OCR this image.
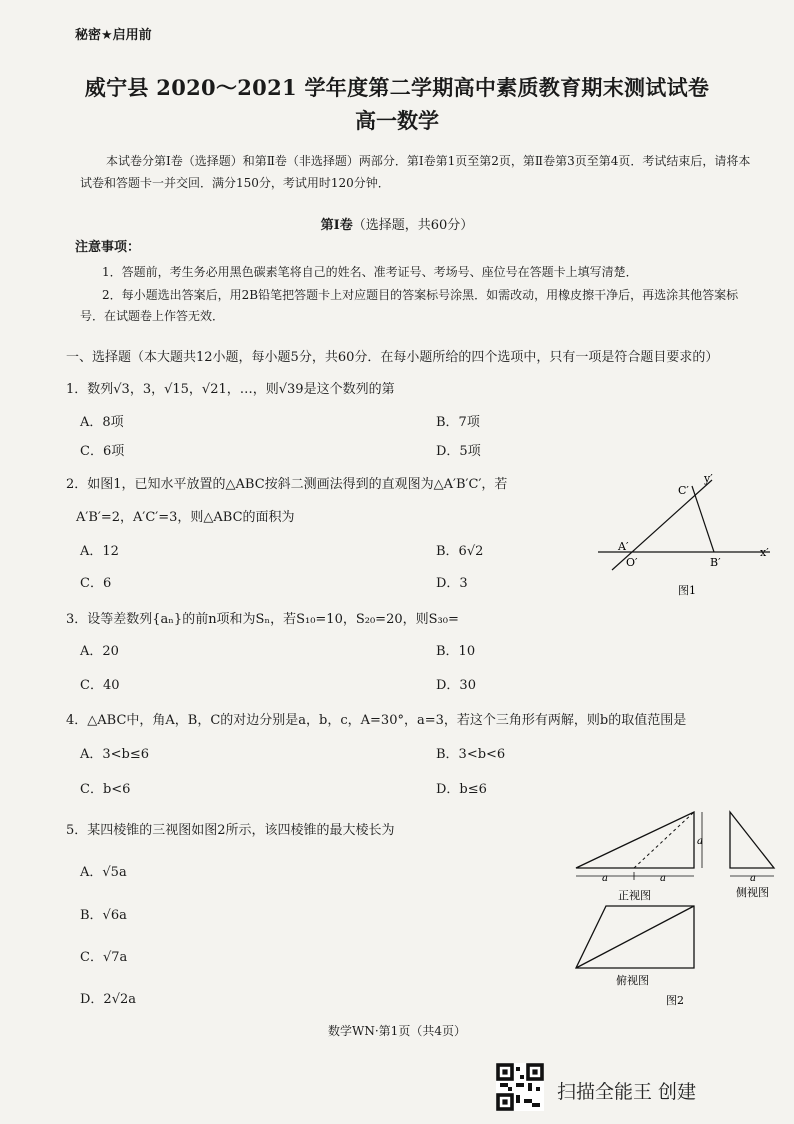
秘密★启用前
威宁县 2020～2021 学年度第二学期高中素质教育期末测试试卷
高一数学
本试卷分第Ⅰ卷（选择题）和第Ⅱ卷（非选择题）两部分．第Ⅰ卷第1页至第2页，第Ⅱ卷第3页至第4页．考试结束后，请将本试卷和答题卡一并交回．满分150分，考试用时120分钟．
第Ⅰ卷（选择题，共60分）
注意事项：
1．答题前，考生务必用黑色碳素笔将自己的姓名、准考证号、考场号、座位号在答题卡上填写清楚．
2．每小题选出答案后，用2B铅笔把答题卡上对应题目的答案标号涂黑．如需改动，用橡皮擦干净后，再选涂其他答案标号．在试题卷上作答无效．
一、选择题（本大题共12小题，每小题5分，共60分．在每小题所给的四个选项中，只有一项是符合题目要求的）
1．数列√3，3，√15，√21，…，则√39是这个数列的第
A．8项	B．7项
C．6项	D．5项
2．如图1，已知水平放置的△ABC按斜二测画法得到的直观图为△A′B′C′，若
A′B′=2，A′C′=3，则△ABC的面积为
A．12	B．6√2
C．6	D．3
C′
y′
A′
O′	B′
x′
图1
3．设等差数列{aₙ}的前n项和为Sₙ，若S₁₀=10，S₂₀=20，则S₃₀=
A．20	B．10
C．40	D．30
4．△ABC中，角A，B，C的对边分别是a，b，c，A=30°，a=3，若这个三角形有两解，则b的取值范围是
A．3<b≤6	B．3<b<6
C．b<6	D．b≤6
5．某四棱锥的三视图如图2所示，该四棱锥的最大棱长为
A．√5a
B．√6a
C．√7a
D．2√2a
a
a	a
正视图
a
侧视图
俯视图
图2
数学WN·第1页（共4页）
扫描全能王 创建
